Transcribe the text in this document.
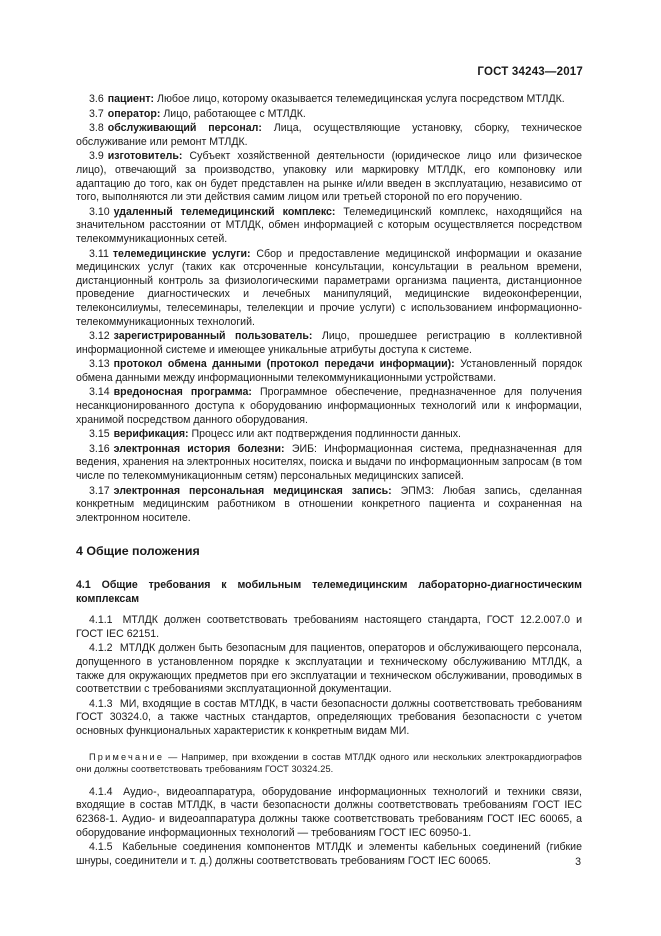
ГОСТ 34243—2017

3.6 пациент: Любое лицо, которому оказывается телемедицинская услуга посредством МТЛДК.

3.7 оператор: Лицо, работающее с МТЛДК.

3.8 обслуживающий персонал: Лица, осуществляющие установку, сборку, техническое обслуживание или ремонт МТЛДК.

3.9 изготовитель: Субъект хозяйственной деятельности (юридическое лицо или физическое лицо), отвечающий за производство, упаковку или маркировку МТЛДК, его компоновку или адаптацию до того, как он будет представлен на рынке и/или введен в эксплуатацию, независимо от того, выполняются ли эти действия самим лицом или третьей стороной по его поручению.

3.10 удаленный телемедицинский комплекс: Телемедицинский комплекс, находящийся на значительном расстоянии от МТЛДК, обмен информацией с которым осуществляется посредством телекоммуникационных сетей.

3.11 телемедицинские услуги: Сбор и предоставление медицинской информации и оказание медицинских услуг (таких как отсроченные консультации, консультации в реальном времени, дистанционный контроль за физиологическими параметрами организма пациента, дистанционное проведение диагностических и лечебных манипуляций, медицинские видеоконференции, телеконсилиумы, телесеминары, телелекции и прочие услуги) с использованием информационно-телекоммуникационных технологий.

3.12 зарегистрированный пользователь: Лицо, прошедшее регистрацию в коллективной информационной системе и имеющее уникальные атрибуты доступа к системе.

3.13 протокол обмена данными (протокол передачи информации): Установленный порядок обмена данными между информационными телекоммуникационными устройствами.

3.14 вредоносная программа: Программное обеспечение, предназначенное для получения несанкционированного доступа к оборудованию информационных технологий или к информации, хранимой посредством данного оборудования.

3.15 верификация: Процесс или акт подтверждения подлинности данных.

3.16 электронная история болезни: ЭИБ: Информационная система, предназначенная для ведения, хранения на электронных носителях, поиска и выдачи по информационным запросам (в том числе по телекоммуникационным сетям) персональных медицинских записей.

3.17 электронная персональная медицинская запись: ЭПМЗ: Любая запись, сделанная конкретным медицинским работником в отношении конкретного пациента и сохраненная на электронном носителе.

4 Общие положения
4.1 Общие требования к мобильным телемедицинским лабораторно-диагностическим комплексам

4.1.1 МТЛДК должен соответствовать требованиям настоящего стандарта, ГОСТ 12.2.007.0 и ГОСТ IEC 62151.

4.1.2 МТЛДК должен быть безопасным для пациентов, операторов и обслуживающего персонала, допущенного в установленном порядке к эксплуатации и техническому обслуживанию МТЛДК, а также для окружающих предметов при его эксплуатации и техническом обслуживании, проводимых в соответствии с требованиями эксплуатационной документации.

4.1.3 МИ, входящие в состав МТЛДК, в части безопасности должны соответствовать требованиям ГОСТ 30324.0, а также частных стандартов, определяющих требования безопасности с учетом основных функциональных характеристик к конкретным видам МИ.

Примечание — Например, при вхождении в состав МТЛДК одного или нескольких электрокардиографов они должны соответствовать требованиям ГОСТ 30324.25.

4.1.4 Аудио-, видеоаппаратура, оборудование информационных технологий и техники связи, входящие в состав МТЛДК, в части безопасности должны соответствовать требованиям ГОСТ IEC 62368-1. Аудио- и видеоаппаратура должны также соответствовать требованиям ГОСТ IEC 60065, а оборудование информационных технологий — требованиям ГОСТ IEC 60950-1.

4.1.5 Кабельные соединения компонентов МТЛДК и элементы кабельных соединений (гибкие шнуры, соединители и т. д.) должны соответствовать требованиям ГОСТ IEC 60065.	3
